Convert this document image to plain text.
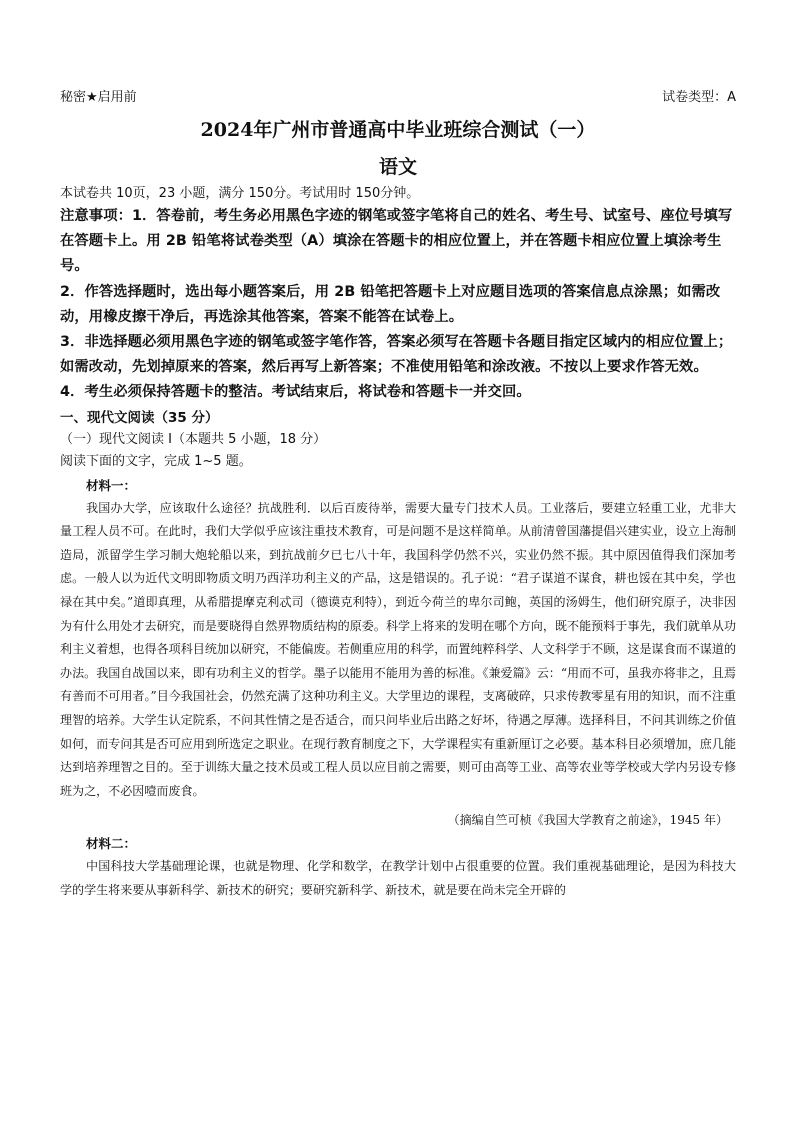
秘密★启用前	试卷类型：A
2024年广州市普通高中毕业班综合测试（一）
语文
本试卷共 10页，23 小题，满分 150分。考试用时 150分钟。
注意事项：1．答卷前，考生务必用黑色字迹的钢笔或签字笔将自己的姓名、考生号、试室号、座位号填写在答题卡上。用 2B 铅笔将试卷类型（A）填涂在答题卡的相应位置上，并在答题卡相应位置上填涂考生号。
2．作答选择题时，选出每小题答案后，用 2B 铅笔把答题卡上对应题目选项的答案信息点涂黑；如需改动，用橡皮擦干净后，再选涂其他答案，答案不能答在试卷上。
3．非选择题必须用黑色字迹的钢笔或签字笔作答，答案必须写在答题卡各题目指定区域内的相应位置上；如需改动，先划掉原来的答案，然后再写上新答案；不准使用铅笔和涂改液。不按以上要求作答无效。
4．考生必须保持答题卡的整洁。考试结束后，将试卷和答题卡一并交回。
一、现代文阅读（35 分）
（一）现代文阅读 I（本题共 5 小题，18 分）
阅读下面的文字，完成 1~5 题。
材料一：

我国办大学，应该取什么途径？抗战胜利．以后百废待举，需要大量专门技术人员。工业落后，要建立轻重工业，尤非大量工程人员不可。在此时，我们大学似乎应该注重技术教育，可是问题不是这样简单。从前清曾国藩提倡兴建实业，设立上海制造局，派留学生学习制大炮轮船以来，到抗战前夕已七八十年，我国科学仍然不兴，实业仍然不振。其中原因值得我们深加考虑。一般人以为近代文明即物质文明乃西洋功利主义的产品，这是错误的。孔子说：“君子谋道不谋食，耕也馁在其中矣，学也禄在其中矣。”道即真理，从希腊提摩克利忒司（德谟克利特），到近今荷兰的卑尔司鲍，英国的汤姆生，他们研究原子，决非因为有什么用处才去研究，而是要晓得自然界物质结构的原委。科学上将来的发明在哪个方向，既不能预料于事先，我们就单从功利主义着想，也得各项科目统加以研究，不能偏废。若侧重应用的科学，而置纯粹科学、人文科学于不顾，这是谋食而不谋道的办法。我国自战国以来，即有功利主义的哲学。墨子以能用不能用为善的标准。《兼爱篇》云：“用而不可，虽我亦将非之，且焉有善而不可用者。”目今我国社会，仍然充满了这种功利主义。大学里边的课程，支离破碎，只求传教零星有用的知识，而不注重理智的培养。大学生认定院系，不问其性情之是否适合，而只问毕业后出路之好坏，待遇之厚薄。选择科目，不问其训练之价值如何，而专问其是否可应用到所选定之职业。在现行教育制度之下，大学课程实有重新厘订之必要。基本科目必须增加，庶几能达到培养理智之目的。至于训练大量之技术员或工程人员以应目前之需要，则可由高等工业、高等农业等学校或大学内另设专修班为之，不必因噎而废食。

（摘编自竺可桢《我国大学教育之前途》，1945 年）
材料二：

中国科技大学基础理论课，也就是物理、化学和数学，在教学计划中占很重要的位置。我们重视基础理论，是因为科技大学的学生将来要从事新科学、新技术的研究；要研究新科学、新技术，就是要在尚未完全开辟的
